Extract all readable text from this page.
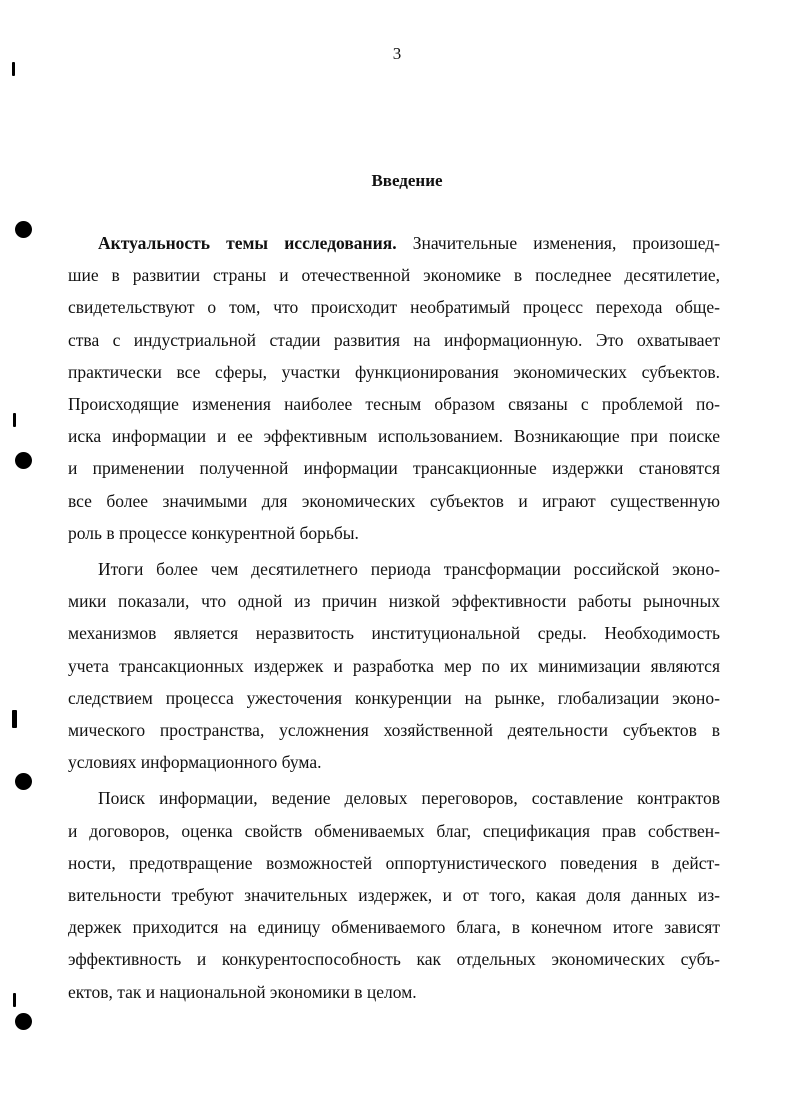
3
Введение
Актуальность темы исследования. Значительные изменения, произошед-
шие в развитии страны и отечественной экономике в последнее десятилетие,
свидетельствуют о том, что происходит необратимый процесс перехода обще-
ства с индустриальной стадии развития на информационную. Это охватывает
практически все сферы, участки функционирования экономических субъектов.
Происходящие изменения наиболее тесным образом связаны с проблемой по-
иска информации и ее эффективным использованием. Возникающие при поиске
и применении полученной информации трансакционные издержки становятся
все более значимыми для экономических субъектов и играют существенную
роль в процессе конкурентной борьбы.
Итоги более чем десятилетнего периода трансформации российской эконо-
мики показали, что одной из причин низкой эффективности работы рыночных
механизмов является неразвитость институциональной среды. Необходимость
учета трансакционных издержек и разработка мер по их минимизации являются
следствием процесса ужесточения конкуренции на рынке, глобализации эконо-
мического пространства, усложнения хозяйственной деятельности субъектов в
условиях информационного бума.
Поиск информации, ведение деловых переговоров, составление контрактов
и договоров, оценка свойств обмениваемых благ, спецификация прав собствен-
ности, предотвращение возможностей оппортунистического поведения в дейст-
вительности требуют значительных издержек, и от того, какая доля данных из-
держек приходится на единицу обмениваемого блага, в конечном итоге зависят
эффективность и конкурентоспособность как отдельных экономических субъ-
ектов, так и национальной экономики в целом.
